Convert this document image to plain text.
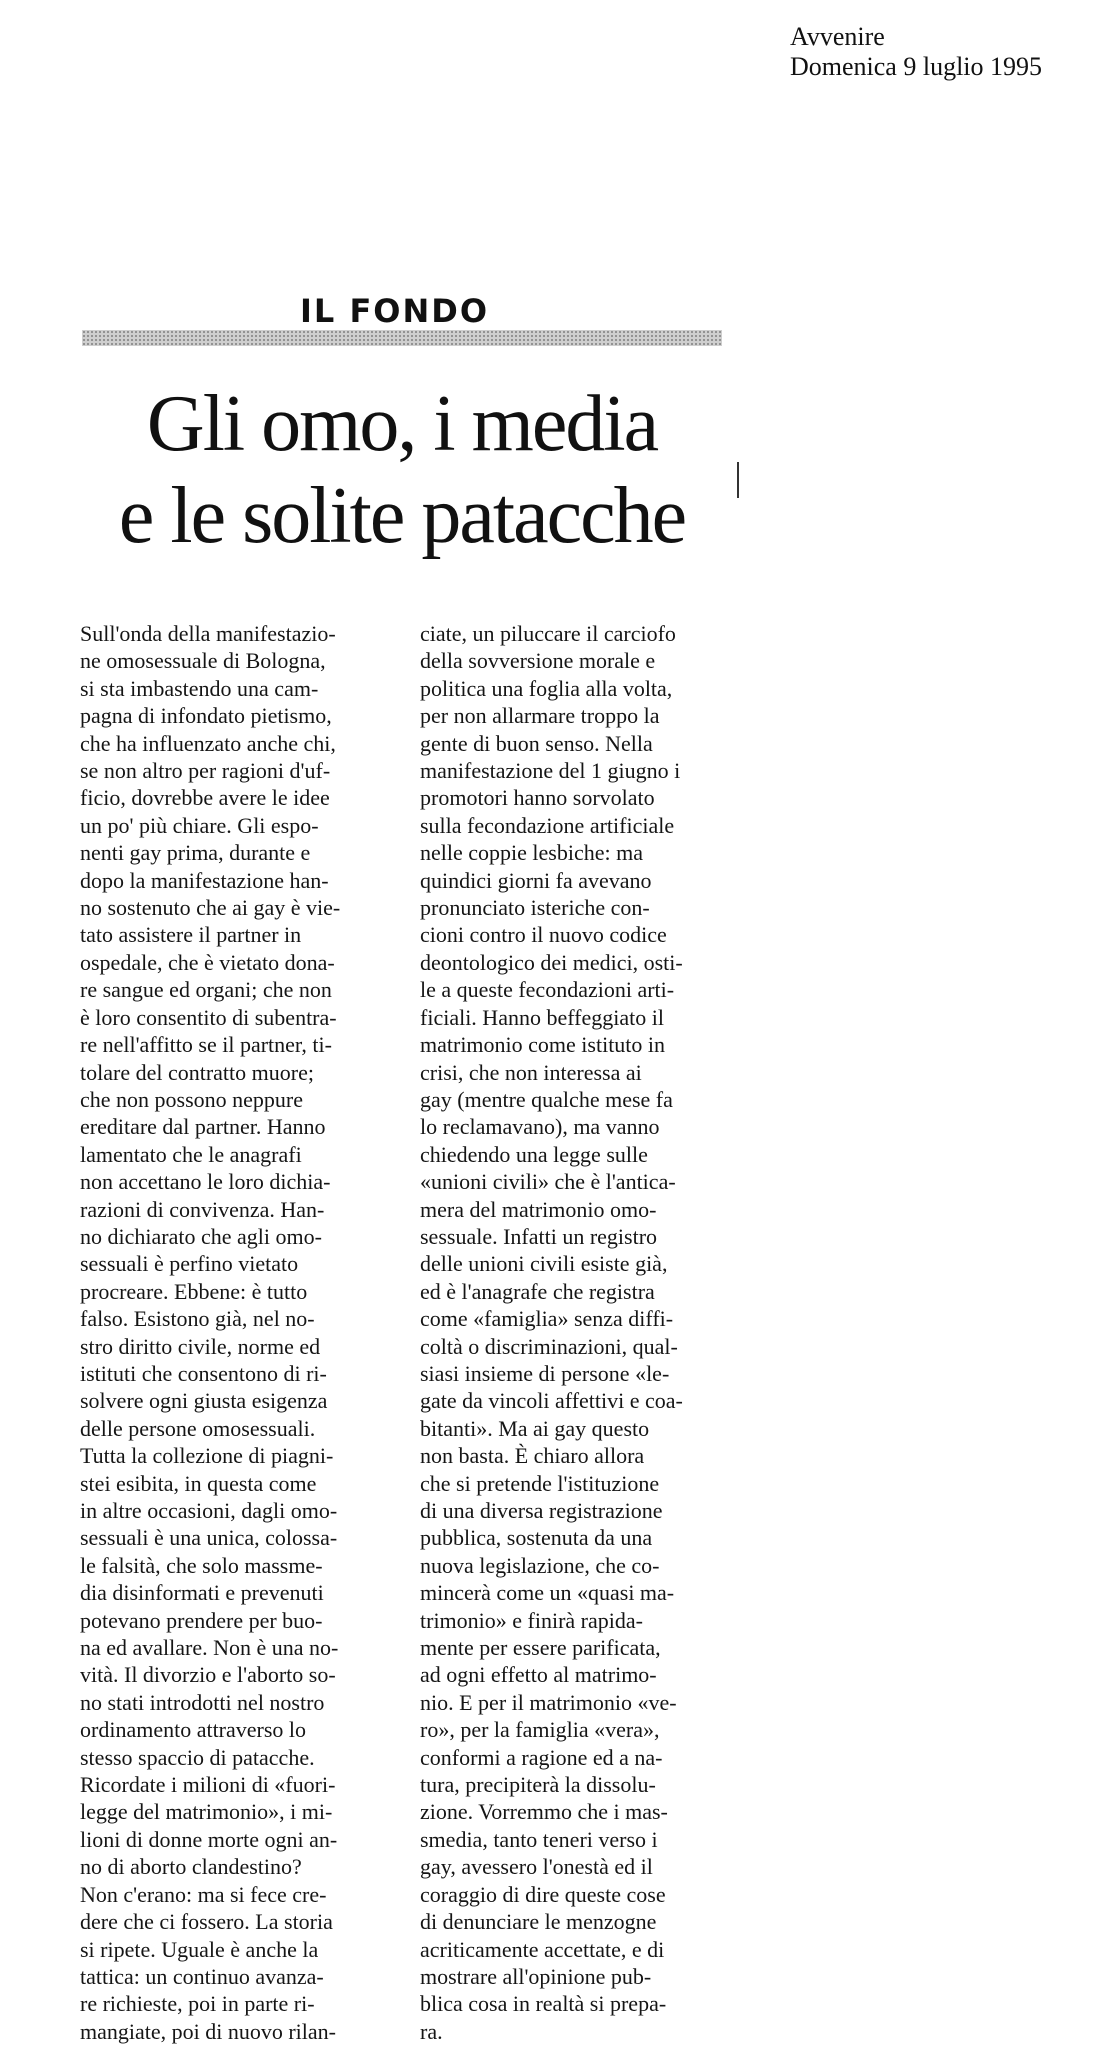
Avvenire
Domenica 9 luglio 1995
IL FONDO
Gli omo, i media
e le solite patacche
Sull'onda della manifestazio-
ne omosessuale di Bologna,
si sta imbastendo una cam-
pagna di infondato pietismo,
che ha influenzato anche chi,
se non altro per ragioni d'uf-
ficio, dovrebbe avere le idee
un po' più chiare. Gli espo-
nenti gay prima, durante e
dopo la manifestazione han-
no sostenuto che ai gay è vie-
tato assistere il partner in
ospedale, che è vietato dona-
re sangue ed organi; che non
è loro consentito di subentra-
re nell'affitto se il partner, ti-
tolare del contratto muore;
che non possono neppure
ereditare dal partner. Hanno
lamentato che le anagrafi
non accettano le loro dichia-
razioni di convivenza. Han-
no dichiarato che agli omo-
sessuali è perfino vietato
procreare. Ebbene: è tutto
falso. Esistono già, nel no-
stro diritto civile, norme ed
istituti che consentono di ri-
solvere ogni giusta esigenza
delle persone omosessuali.
Tutta la collezione di piagni-
stei esibita, in questa come
in altre occasioni, dagli omo-
sessuali è una unica, colossa-
le falsità, che solo massme-
dia disinformati e prevenuti
potevano prendere per buo-
na ed avallare. Non è una no-
vità. Il divorzio e l'aborto so-
no stati introdotti nel nostro
ordinamento attraverso lo
stesso spaccio di patacche.
Ricordate i milioni di «fuori-
legge del matrimonio», i mi-
lioni di donne morte ogni an-
no di aborto clandestino?
Non c'erano: ma si fece cre-
dere che ci fossero. La storia
si ripete. Uguale è anche la
tattica: un continuo avanza-
re richieste, poi in parte ri-
mangiate, poi di nuovo rilan-
ciate, un piluccare il carciofo
della sovversione morale e
politica una foglia alla volta,
per non allarmare troppo la
gente di buon senso. Nella
manifestazione del 1 giugno i
promotori hanno sorvolato
sulla fecondazione artificiale
nelle coppie lesbiche: ma
quindici giorni fa avevano
pronunciato isteriche con-
cioni contro il nuovo codice
deontologico dei medici, osti-
le a queste fecondazioni arti-
ficiali. Hanno beffeggiato il
matrimonio come istituto in
crisi, che non interessa ai
gay (mentre qualche mese fa
lo reclamavano), ma vanno
chiedendo una legge sulle
«unioni civili» che è l'antica-
mera del matrimonio omo-
sessuale. Infatti un registro
delle unioni civili esiste già,
ed è l'anagrafe che registra
come «famiglia» senza diffi-
coltà o discriminazioni, qual-
siasi insieme di persone «le-
gate da vincoli affettivi e coa-
bitanti». Ma ai gay questo
non basta. È chiaro allora
che si pretende l'istituzione
di una diversa registrazione
pubblica, sostenuta da una
nuova legislazione, che co-
mincerà come un «quasi ma-
trimonio» e finirà rapida-
mente per essere parificata,
ad ogni effetto al matrimo-
nio. E per il matrimonio «ve-
ro», per la famiglia «vera»,
conformi a ragione ed a na-
tura, precipiterà la dissolu-
zione. Vorremmo che i mas-
smedia, tanto teneri verso i
gay, avessero l'onestà ed il
coraggio di dire queste cose
di denunciare le menzogne
acriticamente accettate, e di
mostrare all'opinione pub-
blica cosa in realtà si prepa-
ra.
